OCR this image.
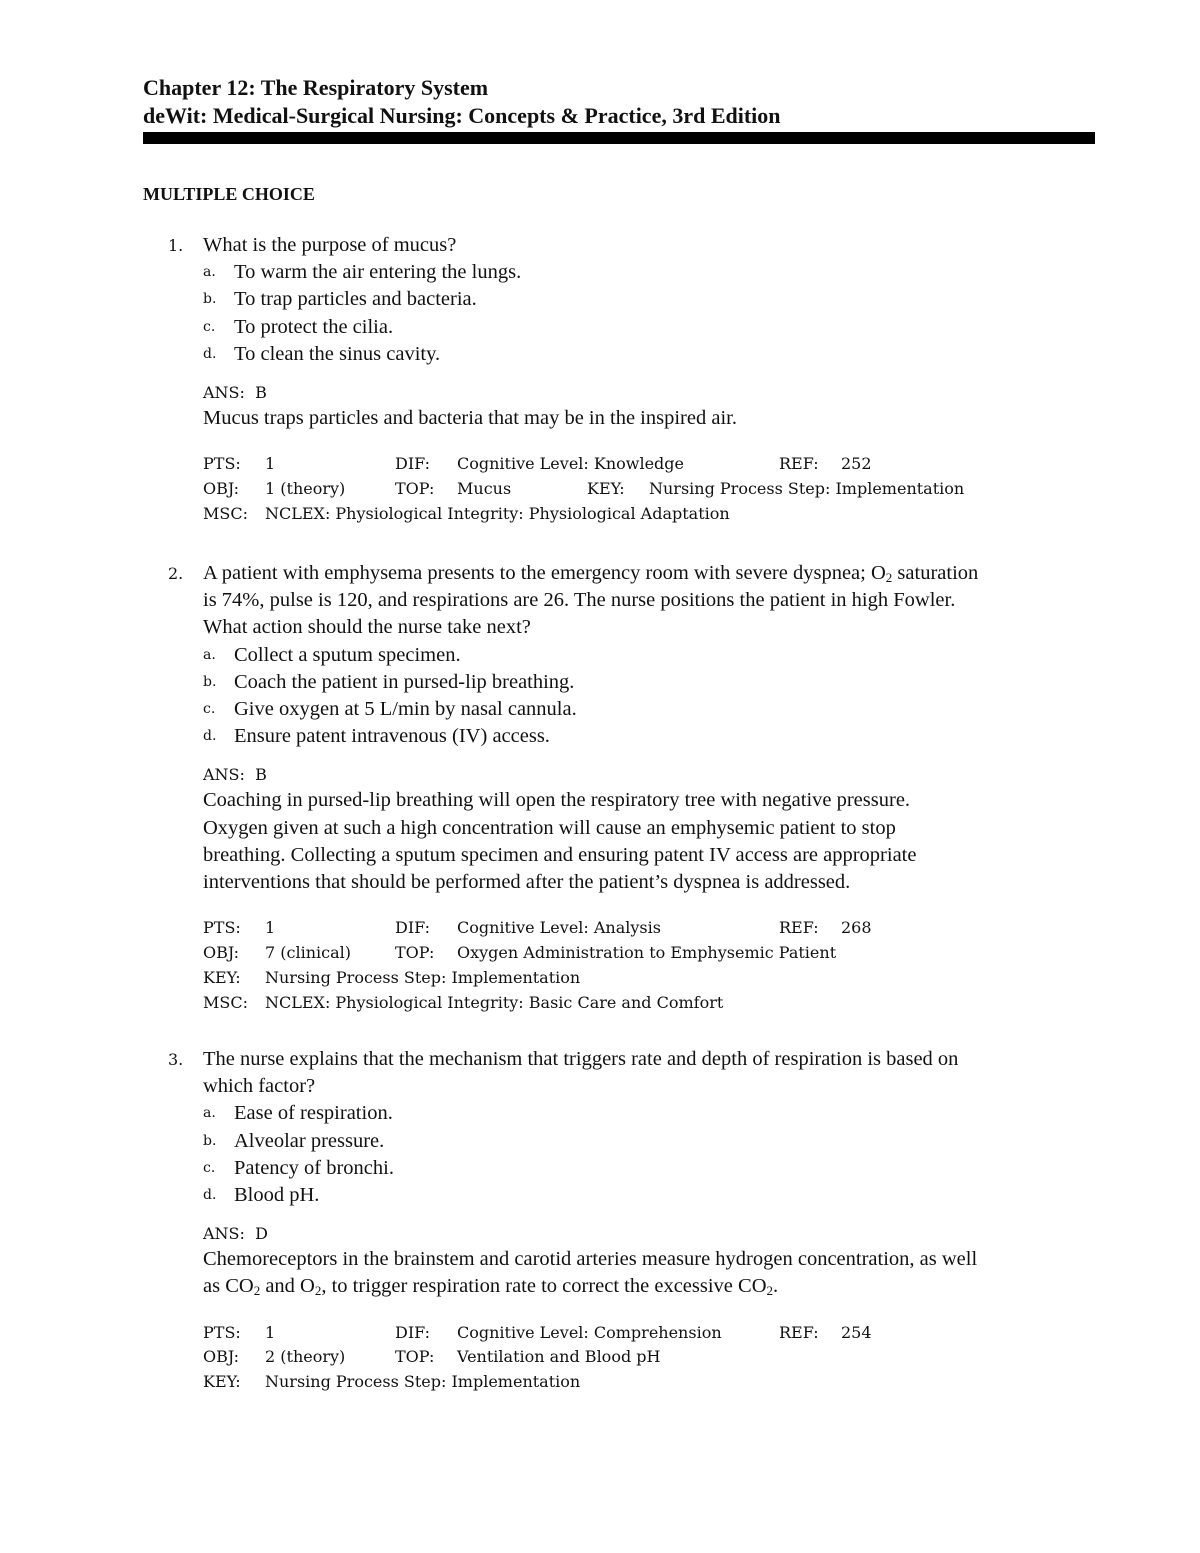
Chapter 12: The Respiratory System
deWit: Medical-Surgical Nursing: Concepts & Practice, 3rd Edition
MULTIPLE CHOICE
1. What is the purpose of mucus?
a. To warm the air entering the lungs.
b. To trap particles and bacteria.
c. To protect the cilia.
d. To clean the sinus cavity.
ANS: B
Mucus traps particles and bacteria that may be in the inspired air.
PTS: 1	DIF: Cognitive Level: Knowledge	REF: 252
OBJ: 1 (theory)	TOP: Mucus	KEY: Nursing Process Step: Implementation
MSC: NCLEX: Physiological Integrity: Physiological Adaptation
2. A patient with emphysema presents to the emergency room with severe dyspnea; $O_2$ saturation
is 74%, pulse is 120, and respirations are 26. The nurse positions the patient in high Fowler.
What action should the nurse take next?
a. Collect a sputum specimen.
b. Coach the patient in pursed-lip breathing.
c. Give oxygen at 5 L/min by nasal cannula.
d. Ensure patent intravenous (IV) access.
ANS: B
Coaching in pursed-lip breathing will open the respiratory tree with negative pressure.
Oxygen given at such a high concentration will cause an emphysemic patient to stop
breathing. Collecting a sputum specimen and ensuring patent IV access are appropriate
interventions that should be performed after the patient’s dyspnea is addressed.
PTS: 1	DIF: Cognitive Level: Analysis	REF: 268
OBJ: 7 (clinical)	TOP: Oxygen Administration to Emphysemic Patient
KEY: Nursing Process Step: Implementation
MSC: NCLEX: Physiological Integrity: Basic Care and Comfort
3. The nurse explains that the mechanism that triggers rate and depth of respiration is based on
which factor?
a. Ease of respiration.
b. Alveolar pressure.
c. Patency of bronchi.
d. Blood pH.
ANS: D
Chemoreceptors in the brainstem and carotid arteries measure hydrogen concentration, as well
as $CO_2$ and $O_2$, to trigger respiration rate to correct the excessive $CO_2$.
PTS: 1	DIF: Cognitive Level: Comprehension	REF: 254
OBJ: 2 (theory)	TOP: Ventilation and Blood pH
KEY: Nursing Process Step: Implementation
